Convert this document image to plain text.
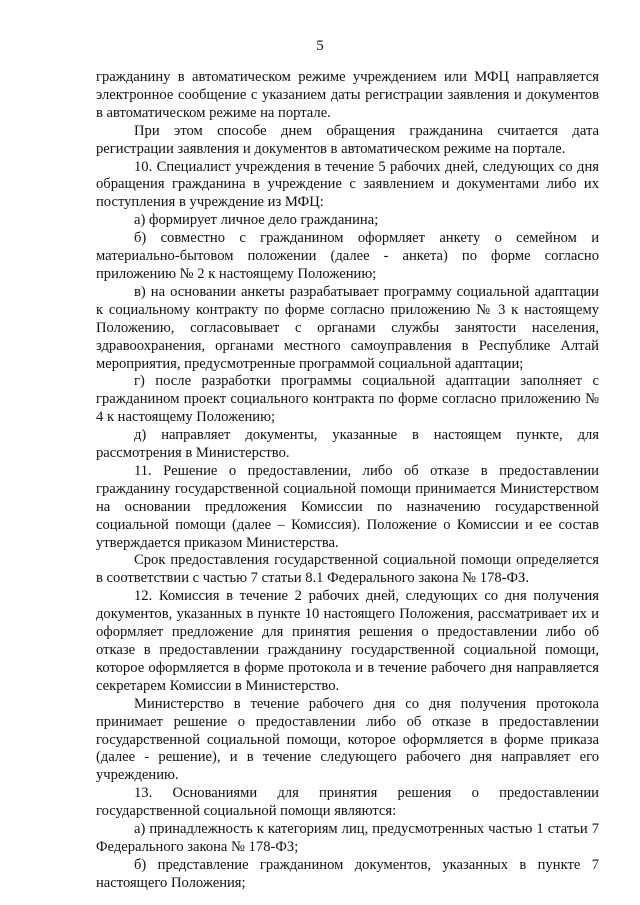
5

гражданину в автоматическом режиме учреждением или МФЦ направляется электронное сообщение с указанием даты регистрации заявления и документов в автоматическом режиме на портале.

При этом способе днем обращения гражданина считается дата регистрации заявления и документов в автоматическом режиме на портале.

10. Специалист учреждения в течение 5 рабочих дней, следующих со дня обращения гражданина в учреждение с заявлением и документами либо их поступления в учреждение из МФЦ:

а) формирует личное дело гражданина;

б) совместно с гражданином оформляет анкету о семейном и материально-бытовом положении (далее - анкета) по форме согласно приложению № 2 к настоящему Положению;

в) на основании анкеты разрабатывает программу социальной адаптации к социальному контракту по форме согласно приложению № 3 к настоящему Положению, согласовывает с органами службы занятости населения, здравоохранения, органами местного самоуправления в Республике Алтай мероприятия, предусмотренные программой социальной адаптации;

г) после разработки программы социальной адаптации заполняет с гражданином проект социального контракта по форме согласно приложению № 4 к настоящему Положению;

д) направляет документы, указанные в настоящем пункте, для рассмотрения в Министерство.

11. Решение о предоставлении, либо об отказе в предоставлении гражданину государственной социальной помощи принимается Министерством на основании предложения Комиссии по назначению государственной социальной помощи (далее – Комиссия). Положение о Комиссии и ее состав утверждается приказом Министерства.

Срок предоставления государственной социальной помощи определяется в соответствии с частью 7 статьи 8.1 Федерального закона № 178-ФЗ.

12. Комиссия в течение 2 рабочих дней, следующих со дня получения документов, указанных в пункте 10 настоящего Положения, рассматривает их и оформляет предложение для принятия решения о предоставлении либо об отказе в предоставлении гражданину государственной социальной помощи, которое оформляется в форме протокола и в течение рабочего дня направляется секретарем Комиссии в Министерство.

Министерство в течение рабочего дня со дня получения протокола принимает решение о предоставлении либо об отказе в предоставлении государственной социальной помощи, которое оформляется в форме приказа (далее - решение), и в течение следующего рабочего дня направляет его учреждению.

13. Основаниями для принятия решения о предоставлении государственной социальной помощи являются:

а) принадлежность к категориям лиц, предусмотренных частью 1 статьи 7 Федерального закона № 178-ФЗ;

б) представление гражданином документов, указанных в пункте 7 настоящего Положения;
